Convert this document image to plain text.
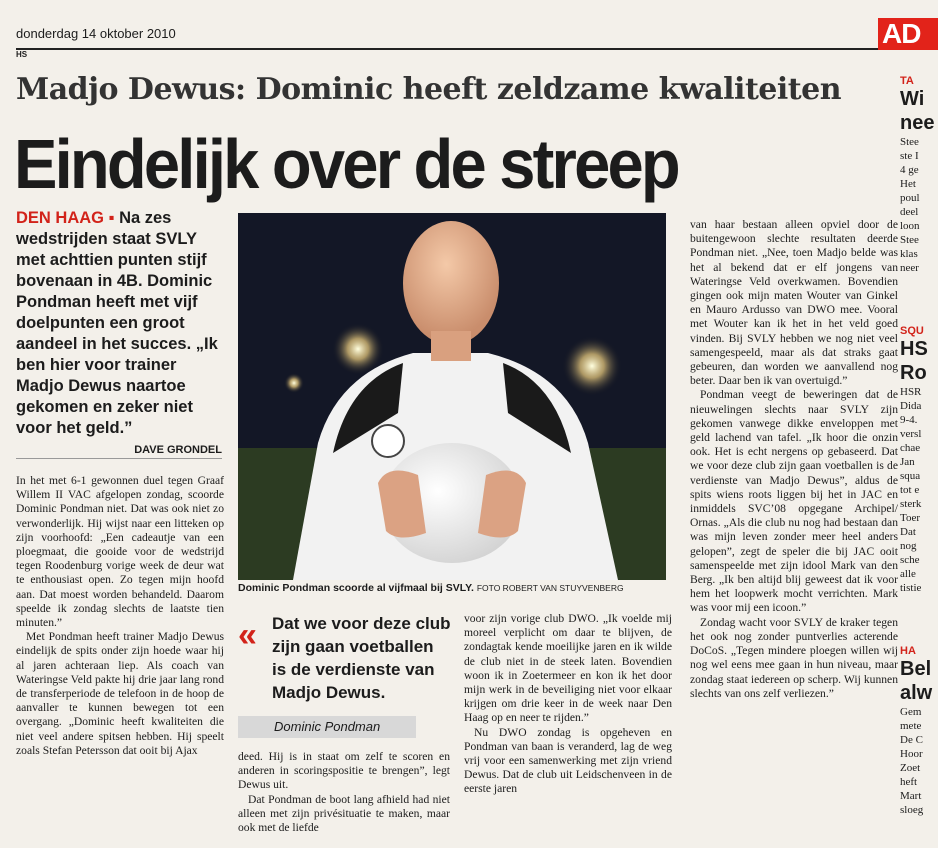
donderdag 14 oktober 2010
HS
AD
Madjo Dewus: Dominic heeft zeldzame kwaliteiten
Eindelijk over de streep
DEN HAAG ▪ Na zes wedstrijden staat SVLY met achttien punten stijf bovenaan in 4B. Dominic Pondman heeft met vijf doelpunten een groot aandeel in het succes. „Ik ben hier voor trainer Madjo Dewus naartoe gekomen en zeker niet voor het geld.”
DAVE GRONDEL

In het met 6-1 gewonnen duel tegen Graaf Willem II VAC afgelopen zondag, scoorde Dominic Pondman niet. Dat was ook niet zo verwonderlijk. Hij wijst naar een litteken op zijn voorhoofd: „Een cadeautje van een ploegmaat, die gooide voor de wedstrijd tegen Roodenburg vorige week de deur wat te enthousiast open. Zo tegen mijn hoofd aan. Dat moest worden behandeld. Daarom speelde ik zondag slechts de laatste tien minuten.”

Met Pondman heeft trainer Madjo Dewus eindelijk de spits onder zijn hoede waar hij al jaren achteraan liep. Als coach van Wateringse Veld pakte hij drie jaar lang rond de transferperiode de telefoon in de hoop de aanvaller te kunnen bewegen tot een overgang. „Dominic heeft kwaliteiten die niet veel andere spitsen hebben. Hij speelt zoals Stefan Petersson dat ooit bij Ajax

Dominic Pondman scoorde al vijfmaal bij SVLY. FOTO ROBERT VAN STUYVENBERG
« Dat we voor deze club zijn gaan voetballen is de verdienste van Madjo Dewus.
Dominic Pondman

deed. Hij is in staat om zelf te scoren en anderen in scoringspositie te brengen”, legt Dewus uit.

Dat Pondman de boot lang afhield had niet alleen met zijn privésituatie te maken, maar ook met de liefde

voor zijn vorige club DWO. „Ik voelde mij moreel verplicht om daar te blijven, de zondagtak kende moeilijke jaren en ik wilde de club niet in de steek laten. Bovendien woon ik in Zoetermeer en kon ik het door mijn werk in de beveiliging niet voor elkaar krijgen om drie keer in de week naar Den Haag op en neer te rijden.”

Nu DWO zondag is opgeheven en Pondman van baan is veranderd, lag de weg vrij voor een samenwerking met zijn vriend Dewus. Dat de club uit Leidschenveen in de eerste jaren

van haar bestaan alleen opviel door de buitengewoon slechte resultaten deerde Pondman niet. „Nee, toen Madjo belde was het al bekend dat er elf jongens van Wateringse Veld overkwamen. Bovendien gingen ook mijn maten Wouter van Ginkel en Mauro Ardusso van DWO mee. Vooral met Wouter kan ik het in het veld goed vinden. Bij SVLY hebben we nog niet veel samengespeeld, maar als dat straks gaat gebeuren, dan worden we aanvallend nog beter. Daar ben ik van overtuigd.”

Pondman veegt de beweringen dat de nieuwelingen slechts naar SVLY zijn gekomen vanwege dikke enveloppen met geld lachend van tafel. „Ik hoor die onzin ook. Het is echt nergens op gebaseerd. Dat we voor deze club zijn gaan voetballen is de verdienste van Madjo Dewus”, aldus de spits wiens roots liggen bij het in JAC en inmiddels SVC’08 opgegane Archipel/ Ornas. „Als die club nu nog had bestaan dan was mijn leven zonder meer heel anders gelopen”, zegt de speler die bij JAC ooit samenspeelde met zijn idool Mark van den Berg. „Ik ben altijd blij geweest dat ik voor hem het loopwerk mocht verrichten. Mark was voor mij een icoon.”

Zondag wacht voor SVLY de kraker tegen het ook nog zonder puntverlies acterende DoCoS. „Tegen mindere ploegen willen wij nog wel eens mee gaan in hun niveau, maar zondag staat iedereen op scherp. Wij kunnen slechts van ons zelf verliezen.”

TA
Wi
nee
Stee
ste I
4 ge
Het
poul
deel
loon
Stee
klas
neer
SQU
HS
Ro
HSR
Dida
9-4.
versl
chae
Jan
squa
tot e
sterk
Toer
Dat
nog
sche
alle
tistie
HA
Bel
alw
Gem
mete
De C
Hoor
Zoet
heft
Mart
sloeg
